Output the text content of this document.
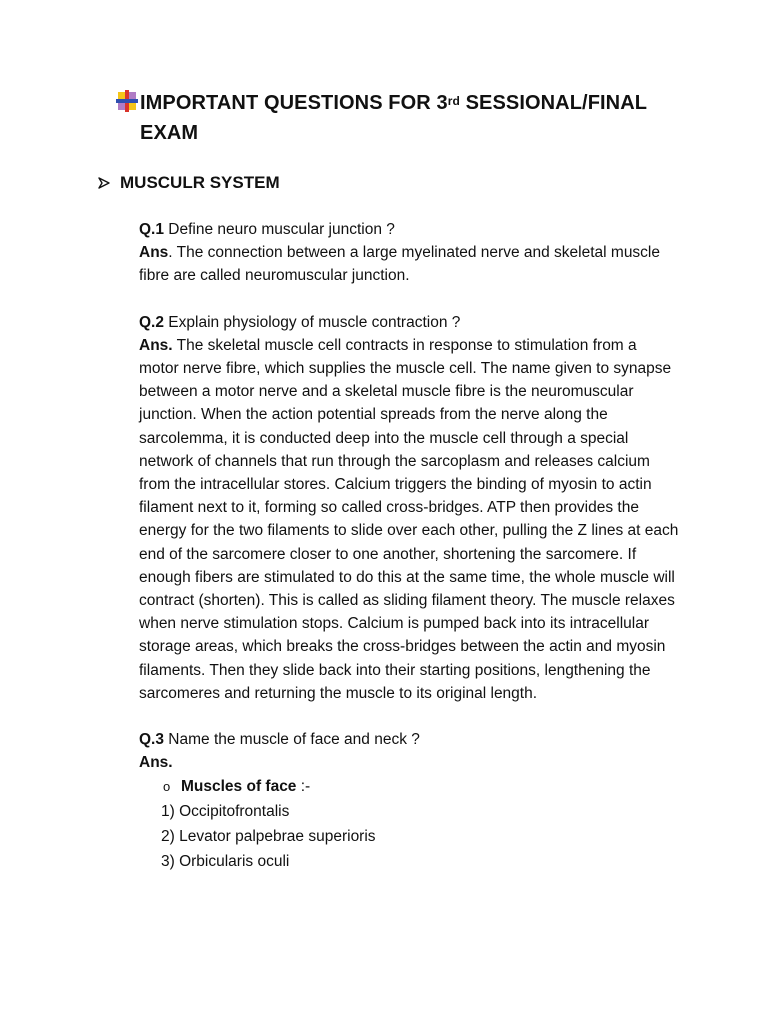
IMPORTANT QUESTIONS FOR 3rd SESSIONAL/FINAL
EXAM
MUSCULR SYSTEM

Q.1 Define neuro muscular junction ?

Ans. The connection between a large myelinated nerve and skeletal muscle fibre are called neuromuscular junction.

Q.2 Explain physiology of muscle contraction ?

Ans. The skeletal muscle cell contracts in response to stimulation from a motor nerve fibre, which supplies the muscle cell. The name given to synapse between a motor nerve and a skeletal muscle fibre is the neuromuscular junction. When the action potential spreads from the nerve along the sarcolemma, it is conducted deep into the muscle cell through a special network of channels that run through the sarcoplasm and releases calcium from the intracellular stores. Calcium triggers the binding of myosin to actin filament next to it, forming so called cross-bridges. ATP then provides the energy for the two filaments to slide over each other, pulling the Z lines at each end of the sarcomere closer to one another, shortening the sarcomere. If enough fibers are stimulated to do this at the same time, the whole muscle will contract (shorten). This is called as sliding filament theory. The muscle relaxes when nerve stimulation stops. Calcium is pumped back into its intracellular storage areas, which breaks the cross-bridges between the actin and myosin filaments. Then they slide back into their starting positions, lengthening the sarcomeres and returning the muscle to its original length.

Q.3 Name the muscle of face and neck ?

Ans.

o Muscles of face :-
1) Occipitofrontalis
2) Levator palpebrae superioris
3) Orbicularis oculi
